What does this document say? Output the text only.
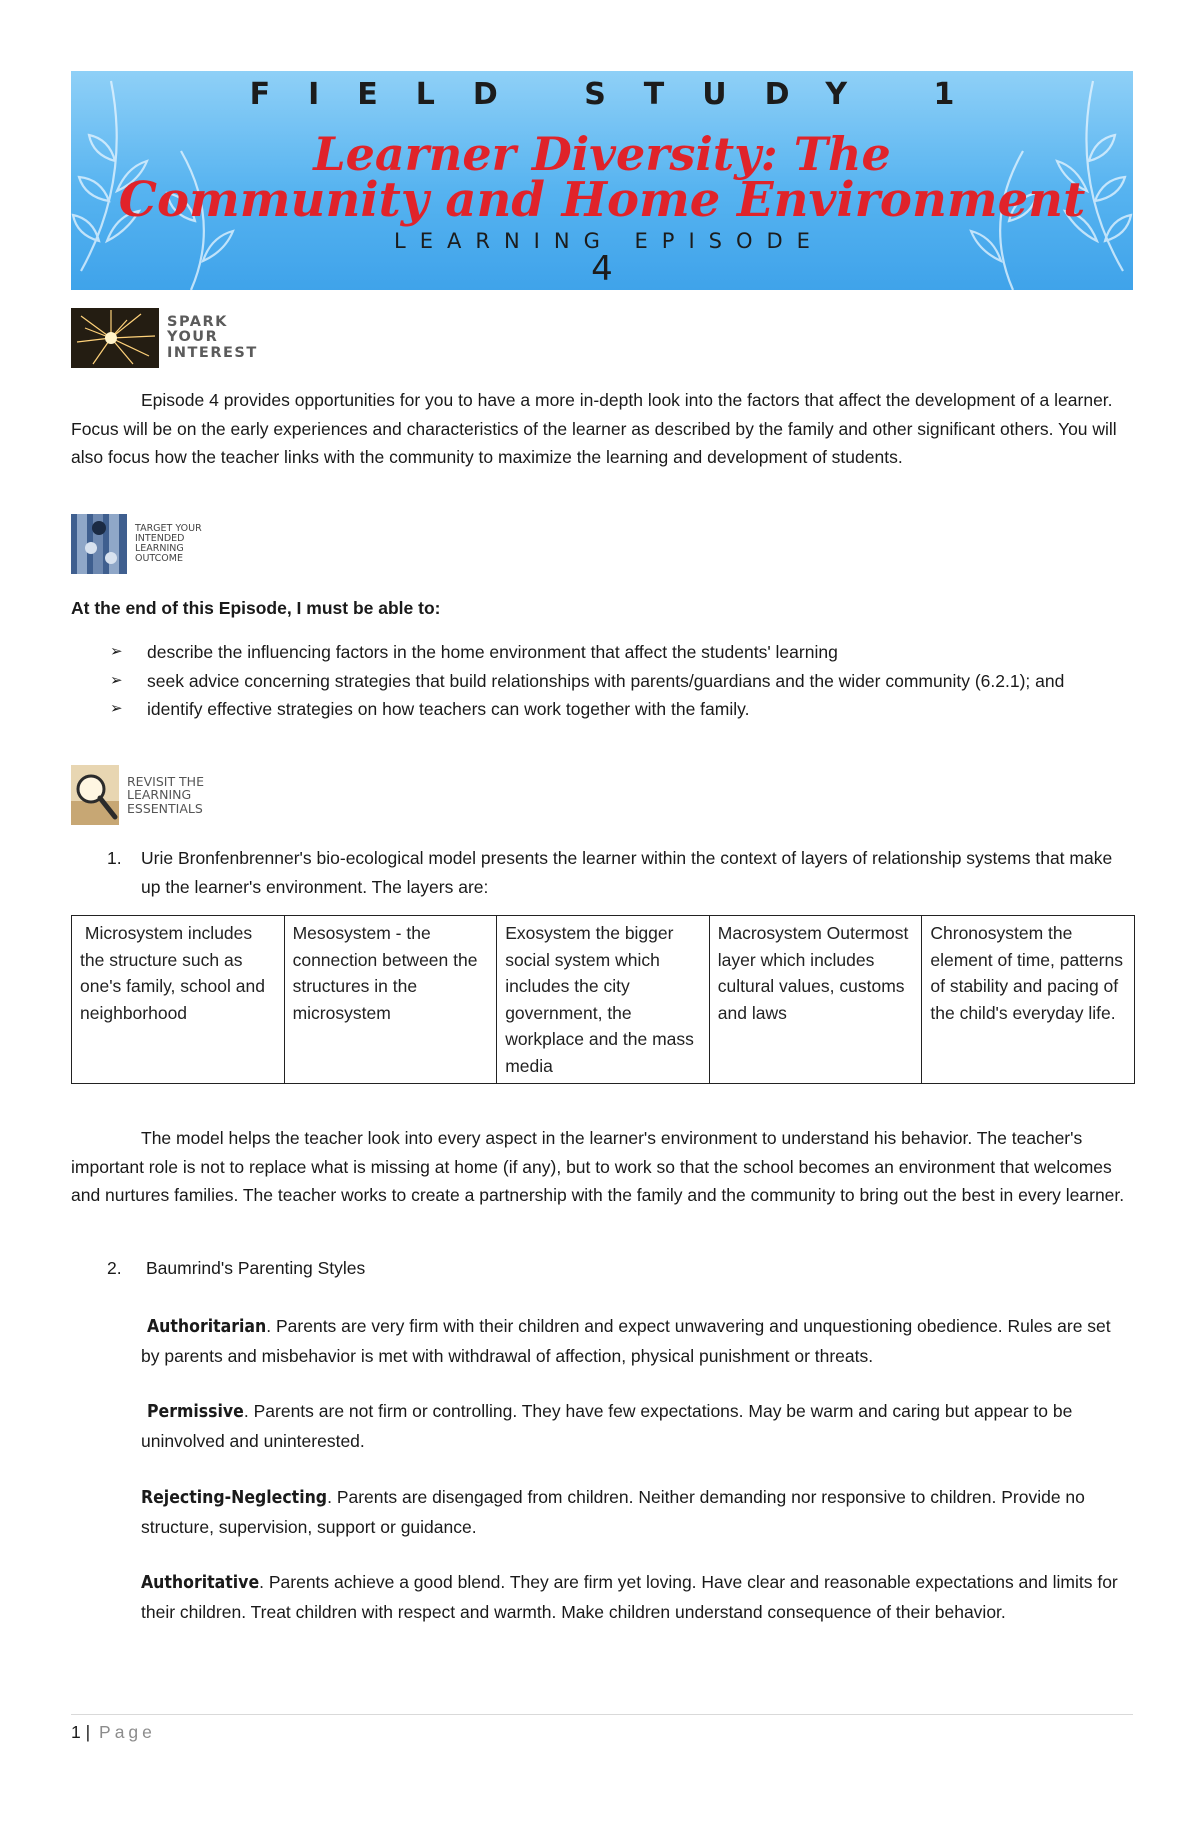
FIELD STUDY 1
Learner Diversity: The
Community and Home Environment
LEARNING EPISODE
4
SPARK
YOUR
INTEREST
Episode 4 provides opportunities for you to have a more in-depth look into the factors that affect the development of a learner. Focus will be on the early experiences and characteristics of the learner as described by the family and other significant others. You will also focus how the teacher links with the community to maximize the learning and development of students.
TARGET YOUR
INTENDED
LEARNING
OUTCOME
At the end of this Episode, I must be able to:
➢ describe the influencing factors in the home environment that affect the students' learning
➢ seek advice concerning strategies that build relationships with parents/guardians and the wider community (6.2.1); and
➢ identify effective strategies on how teachers can work together with the family.
REVISIT THE
LEARNING
ESSENTIALS
1. Urie Bronfenbrenner's bio-ecological model presents the learner within the context of layers of relationship systems that make up the learner's environment. The layers are:
Microsystem includes the structure such as one's family, school and neighborhood	Mesosystem - the connection between the structures in the microsystem	Exosystem the bigger social system which includes the city government, the workplace and the mass media	Macrosystem Outermost layer which includes cultural values, customs and laws	Chronosystem the element of time, patterns of stability and pacing of the child's everyday life.
The model helps the teacher look into every aspect in the learner's environment to understand his behavior. The teacher's important role is not to replace what is missing at home (if any), but to work so that the school becomes an environment that welcomes and nurtures families. The teacher works to create a partnership with the family and the community to bring out the best in every learner.
2. Baumrind's Parenting Styles
Authoritarian. Parents are very firm with their children and expect unwavering and unquestioning obedience. Rules are set by parents and misbehavior is met with withdrawal of affection, physical punishment or threats.
Permissive. Parents are not firm or controlling. They have few expectations. May be warm and caring but appear to be uninvolved and uninterested.
Rejecting-Neglecting. Parents are disengaged from children. Neither demanding nor responsive to children. Provide no structure, supervision, support or guidance.
Authoritative. Parents achieve a good blend. They are firm yet loving. Have clear and reasonable expectations and limits for their children. Treat children with respect and warmth. Make children understand consequence of their behavior.
1 | Page
